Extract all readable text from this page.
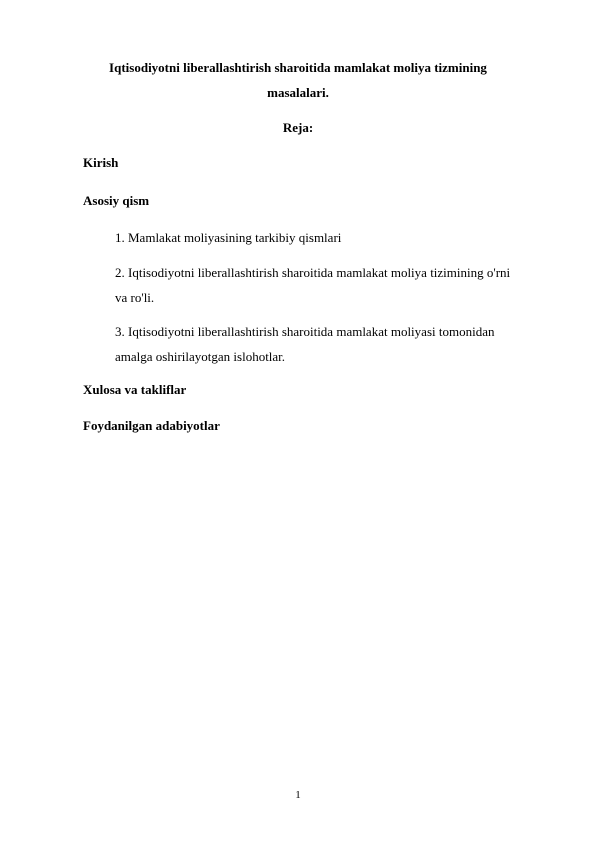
Iqtisodiyotni liberallashtirish sharoitida mamlakat moliya tizmining
masalalari.
Reja:
Kirish
Asosiy qism
1. Mamlakat moliyasining tarkibiy qismlari
2. Iqtisodiyotni liberallashtirish sharoitida mamlakat moliya tizimining o'rni
va ro'li.
3. Iqtisodiyotni liberallashtirish sharoitida mamlakat moliyasi tomonidan
amalga oshirilayotgan islohotlar.
Xulosa va takliflar
Foydanilgan adabiyotlar
1
